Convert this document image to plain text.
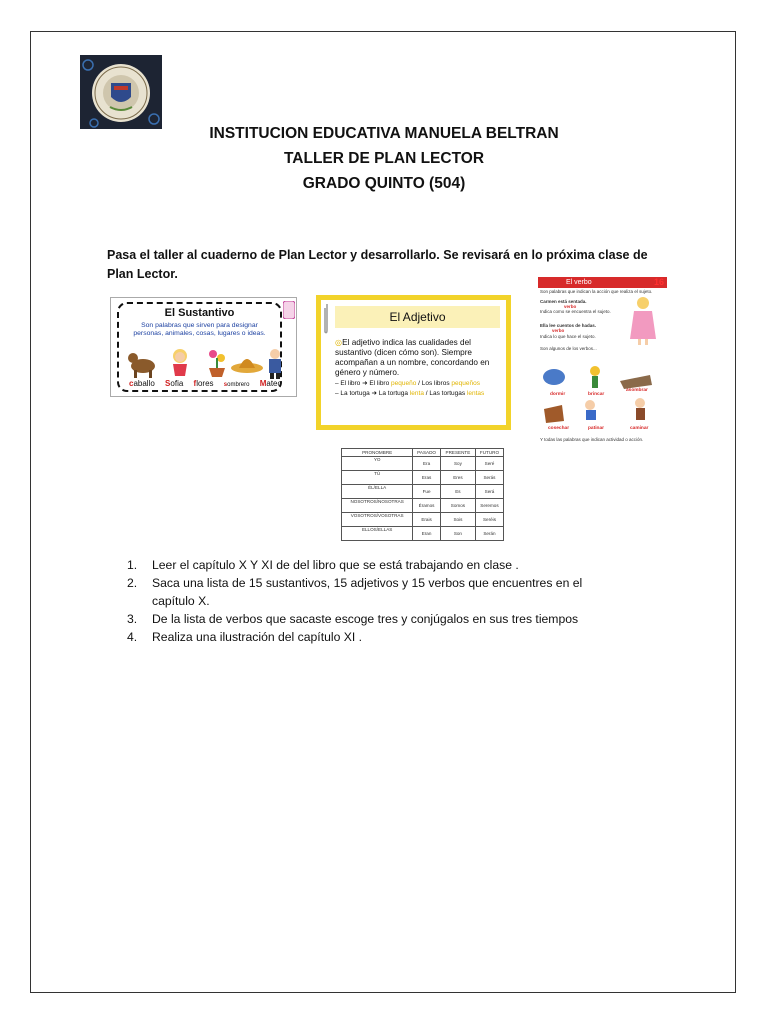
INSTITUCION EDUCATIVA MANUELA BELTRAN
TALLER DE PLAN LECTOR
GRADO QUINTO (504)
Pasa el taller al cuaderno de Plan Lector y desarrollarlo. Se revisará en lo próxima clase de Plan Lector.
El Sustantivo
Son palabras que sirven para designar personas, animales, cosas, lugares o ideas.
caballo Sofia flores sombrero Mateo
El Adjetivo
◎El adjetivo indica las cualidades del sustantivo (dicen cómo son). Siempre acompañan a un nombre, concordando en género y número.
– El libro ➜ El libro pequeño / Los libros pequeños
– La tortuga ➜ La tortuga lenta / Las tortugas lentas
El verbo	16
Son palabras que indican la acción que realiza el sujeto.
Carmen está sentada.
verbo
Indica como se encuentra el sujeto.
Ella lee cuentos de hadas.
verbo
Indica lo que hace el sujeto.
Son algunos de los verbos...
dormir	brincar
asombrar
cosechar	patinar	caminar
Y todas las palabras que indican actividad o acción.
PRONOMBRE	PASADO	PRESENTE	FUTURO
YO	Era	Soy	Seré
TÚ	Eras	Eres	Serás
ÉL/ELLA	Fue	Es	Será
NOSOTROS/NOSOTRAS	Éramos	Somos	Seremos
VOSOTROS/VOSOTRAS	Erais	Sois	Seréis
ELLOS/ELLAS	Eran	Son	Serán
1. Leer el capítulo X Y XI de del libro que se está trabajando en clase .
2. Saca una lista de 15 sustantivos, 15 adjetivos y 15 verbos que encuentres en el capítulo X.
3. De la lista de verbos que sacaste escoge tres y conjúgalos en sus tres tiempos
4. Realiza una ilustración del capítulo XI .
